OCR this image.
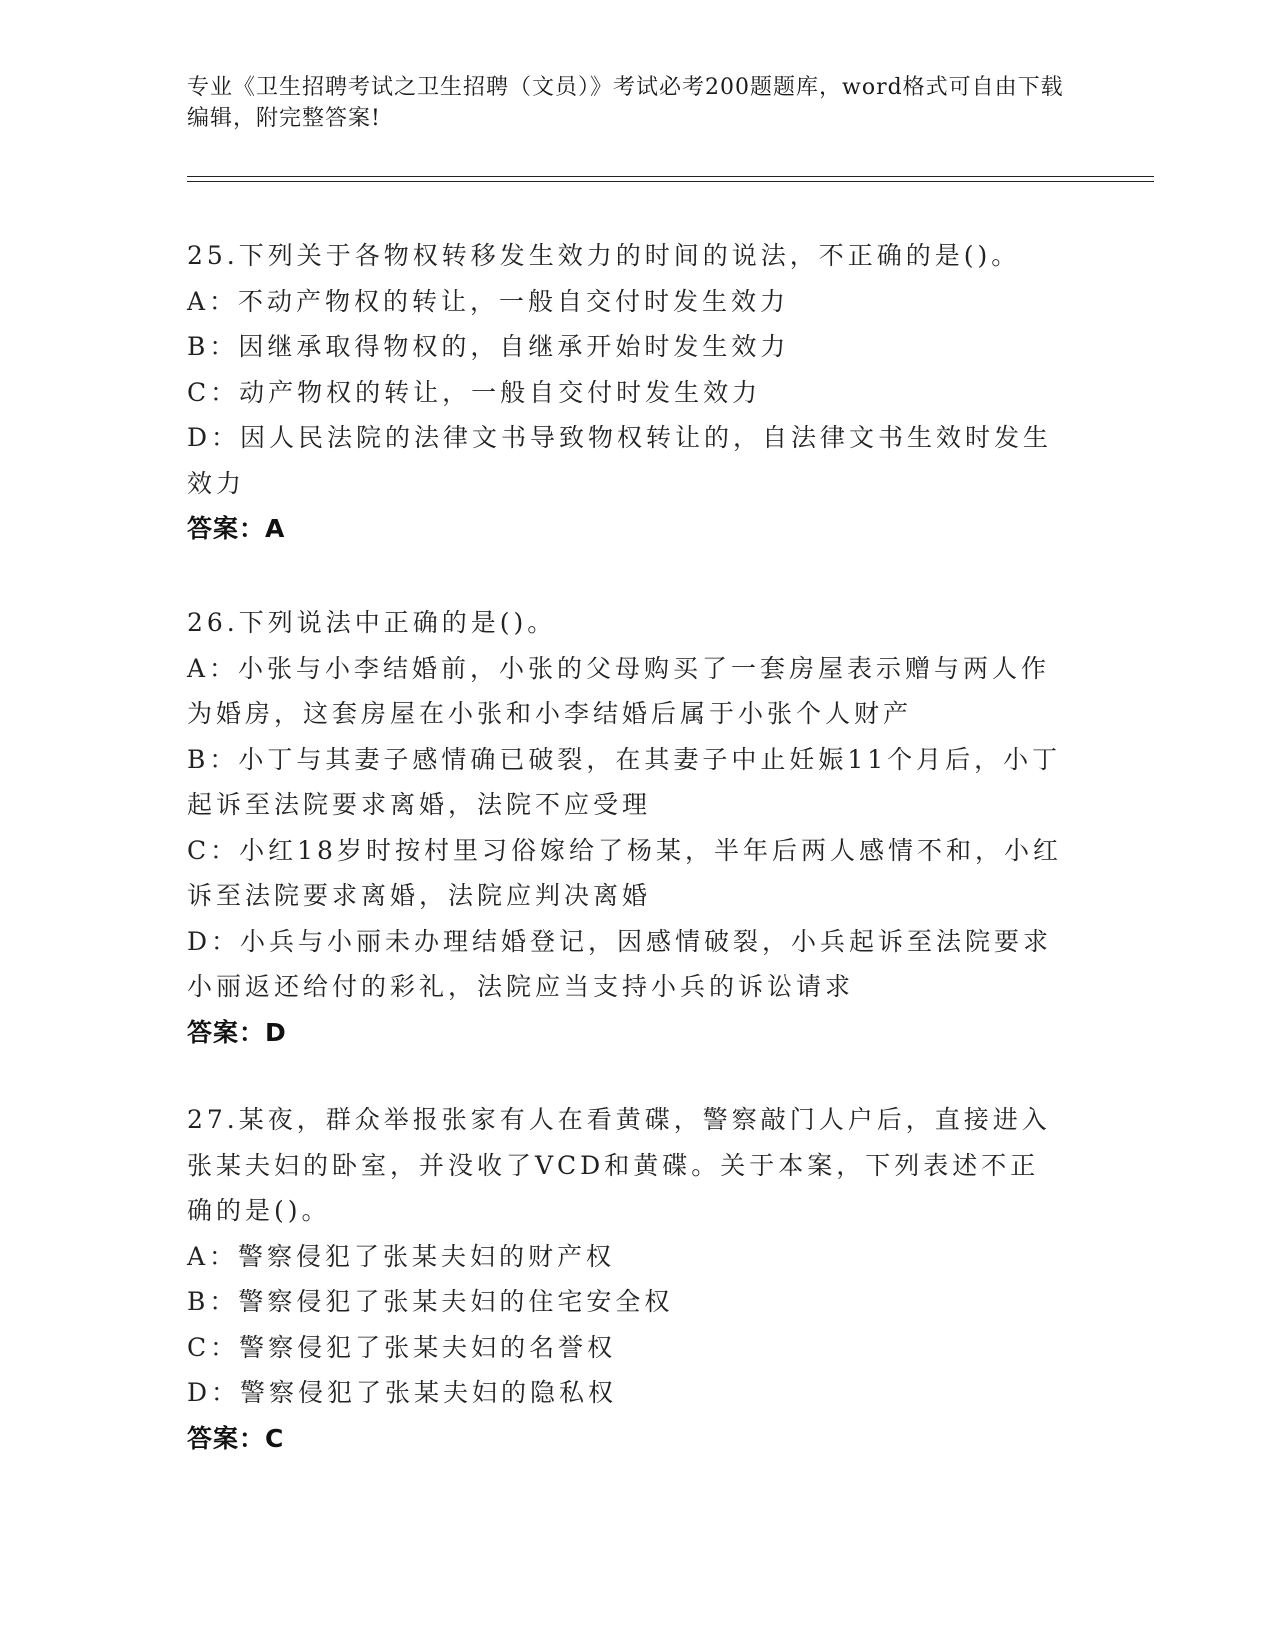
专业《卫生招聘考试之卫生招聘（文员）》考试必考200题题库，word格式可自由下载编辑，附完整答案!
25.下列关于各物权转移发生效力的时间的说法，不正确的是()。
A：不动产物权的转让，一般自交付时发生效力
B：因继承取得物权的，自继承开始时发生效力
C：动产物权的转让，一般自交付时发生效力
D：因人民法院的法律文书导致物权转让的，自法律文书生效时发生效力
答案：A
26.下列说法中正确的是()。
A：小张与小李结婚前，小张的父母购买了一套房屋表示赠与两人作为婚房，这套房屋在小张和小李结婚后属于小张个人财产
B：小丁与其妻子感情确已破裂，在其妻子中止妊娠11个月后，小丁起诉至法院要求离婚，法院不应受理
C：小红18岁时按村里习俗嫁给了杨某，半年后两人感情不和，小红诉至法院要求离婚，法院应判决离婚
D：小兵与小丽未办理结婚登记，因感情破裂，小兵起诉至法院要求小丽返还给付的彩礼，法院应当支持小兵的诉讼请求
答案：D
27.某夜，群众举报张家有人在看黄碟，警察敲门人户后，直接进入张某夫妇的卧室，并没收了VCD和黄碟。关于本案，下列表述不正确的是()。
A：警察侵犯了张某夫妇的财产权
B：警察侵犯了张某夫妇的住宅安全权
C：警察侵犯了张某夫妇的名誉权
D：警察侵犯了张某夫妇的隐私权
答案：C
